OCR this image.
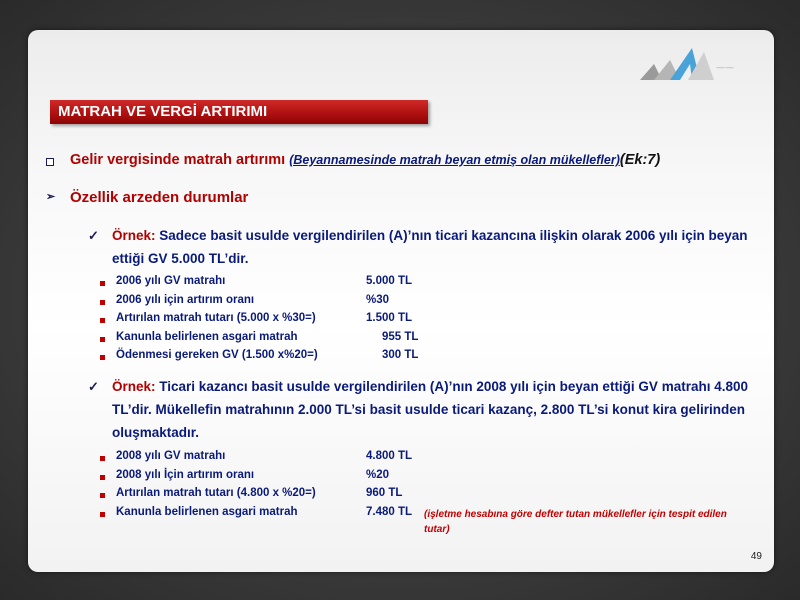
——
MATRAH VE VERGİ ARTIRIMI
Gelir vergisinde matrah artırımı (Beyannamesinde matrah beyan etmiş olan mükellefler)(Ek:7)
➢ Özellik arzeden durumlar
✓ Örnek: Sadece basit usulde vergilendirilen (A)’nın ticari kazancına ilişkin olarak 2006 yılı için beyan ettiği GV 5.000 TL’dir.
2006 yılı GV matrahı	5.000 TL
2006 yılı için artırım oranı	%30
Artırılan matrah tutarı (5.000 x %30=)	1.500 TL
Kanunla belirlenen asgari matrah	955 TL
Ödenmesi gereken GV (1.500 x%20=)	300 TL
✓ Örnek: Ticari kazancı basit usulde vergilendirilen (A)’nın 2008 yılı için beyan ettiği GV matrahı 4.800 TL’dir. Mükellefin matrahının 2.000 TL’si basit usulde ticari kazanç, 2.800 TL’si konut kira gelirinden oluşmaktadır.
2008 yılı GV matrahı	4.800 TL
2008 yılı İçin artırım oranı	%20
Artırılan matrah tutarı (4.800 x %20=)	960 TL
Kanunla belirlenen asgari matrah	7.480 TL	(işletme hesabına göre defter tutan mükellefler için tespit edilen tutar)
49
